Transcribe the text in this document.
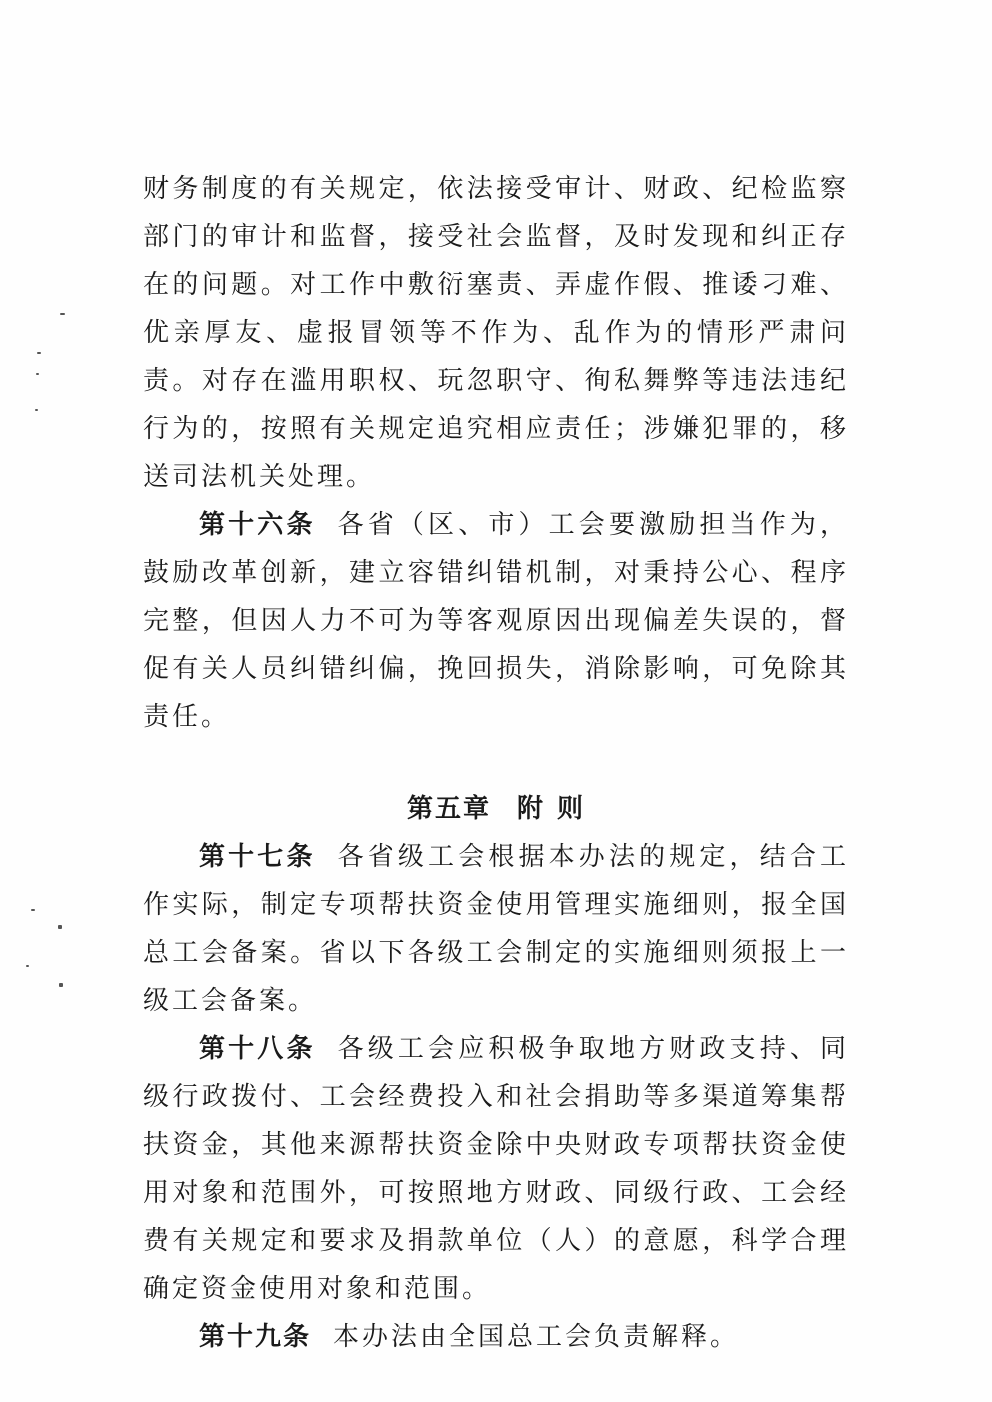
财务制度的有关规定，依法接受审计、财政、纪检监察部门的审计和监督，接受社会监督，及时发现和纠正存在的问题。对工作中敷衍塞责、弄虚作假、推诿刁难、优亲厚友、虚报冒领等不作为、乱作为的情形严肃问责。对存在滥用职权、玩忽职守、徇私舞弊等违法违纪行为的，按照有关规定追究相应责任；涉嫌犯罪的，移送司法机关处理。

第十六条 各省（区、市）工会要激励担当作为，鼓励改革创新，建立容错纠错机制，对秉持公心、程序完整，但因人力不可为等客观原因出现偏差失误的，督促有关人员纠错纠偏，挽回损失，消除影响，可免除其责任。

第五章 附 则

第十七条 各省级工会根据本办法的规定，结合工作实际，制定专项帮扶资金使用管理实施细则，报全国总工会备案。省以下各级工会制定的实施细则须报上一级工会备案。

第十八条 各级工会应积极争取地方财政支持、同级行政拨付、工会经费投入和社会捐助等多渠道筹集帮扶资金，其他来源帮扶资金除中央财政专项帮扶资金使用对象和范围外，可按照地方财政、同级行政、工会经费有关规定和要求及捐款单位（人）的意愿，科学合理确定资金使用对象和范围。

第十九条 本办法由全国总工会负责解释。
